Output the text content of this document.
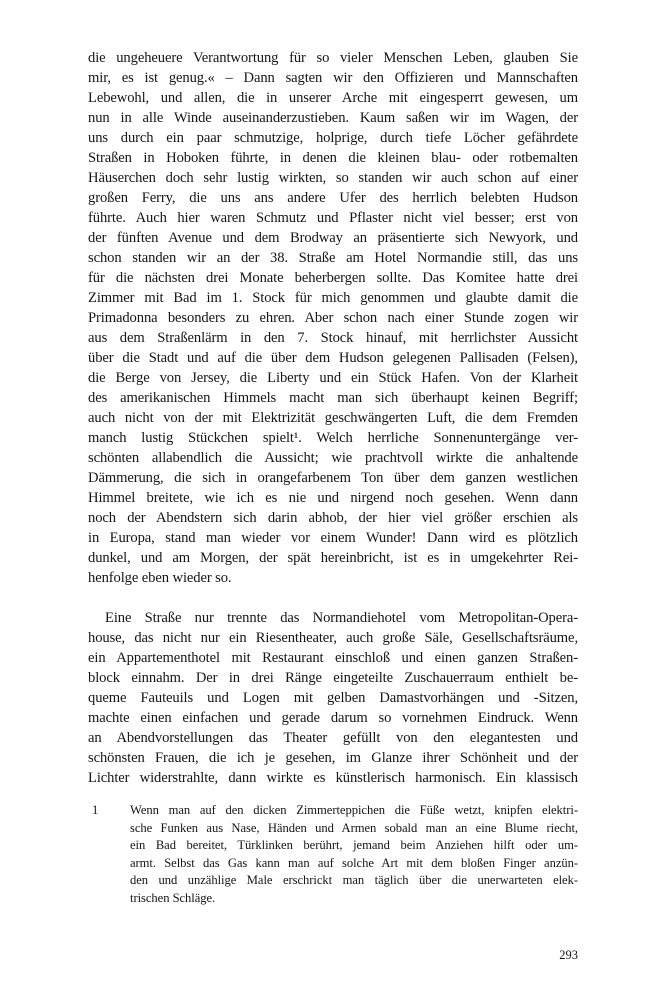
die ungeheuere Verantwortung für so vieler Menschen Leben, glauben Sie
mir, es ist genug.« – Dann sagten wir den Offizieren und Mannschaften
Lebewohl, und allen, die in unserer Arche mit eingesperrt gewesen, um
nun in alle Winde auseinanderzustieben. Kaum saßen wir im Wagen, der
uns durch ein paar schmutzige, holprige, durch tiefe Löcher gefährdete
Straßen in Hoboken führte, in denen die kleinen blau- oder rotbemalten
Häuserchen doch sehr lustig wirkten, so standen wir auch schon auf einer
großen Ferry, die uns ans andere Ufer des herrlich belebten Hudson
führte. Auch hier waren Schmutz und Pflaster nicht viel besser; erst von
der fünften Avenue und dem Brodway an präsentierte sich Newyork, und
schon standen wir an der 38. Straße am Hotel Normandie still, das uns
für die nächsten drei Monate beherbergen sollte. Das Komitee hatte drei
Zimmer mit Bad im 1. Stock für mich genommen und glaubte damit die
Primadonna besonders zu ehren. Aber schon nach einer Stunde zogen wir
aus dem Straßenlärm in den 7. Stock hinauf, mit herrlichster Aussicht
über die Stadt und auf die über dem Hudson gelegenen Pallisaden (Felsen),
die Berge von Jersey, die Liberty und ein Stück Hafen. Von der Klarheit
des amerikanischen Himmels macht man sich überhaupt keinen Begriff;
auch nicht von der mit Elektrizität geschwängerten Luft, die dem Fremden
manch lustig Stückchen spielt¹. Welch herrliche Sonnenuntergänge ver-
schönten allabendlich die Aussicht; wie prachtvoll wirkte die anhaltende
Dämmerung, die sich in orangefarbenem Ton über dem ganzen westlichen
Himmel breitete, wie ich es nie und nirgend noch gesehen. Wenn dann
noch der Abendstern sich darin abhob, der hier viel größer erschien als
in Europa, stand man wieder vor einem Wunder! Dann wird es plötzlich
dunkel, und am Morgen, der spät hereinbricht, ist es in umgekehrter Rei-
henfolge eben wieder so.
Eine Straße nur trennte das Normandiehotel vom Metropolitan-Opera-
house, das nicht nur ein Riesentheater, auch große Säle, Gesellschaftsräume,
ein Appartementhotel mit Restaurant einschloß und einen ganzen Straßen-
block einnahm. Der in drei Ränge eingeteilte Zuschauerraum enthielt be-
queme Fauteuils und Logen mit gelben Damastvorhängen und -Sitzen,
machte einen einfachen und gerade darum so vornehmen Eindruck. Wenn
an Abendvorstellungen das Theater gefüllt von den elegantesten und
schönsten Frauen, die ich je gesehen, im Glanze ihrer Schönheit und der
Lichter widerstrahlte, dann wirkte es künstlerisch harmonisch. Ein klassisch
1	Wenn man auf den dicken Zimmerteppichen die Füße wetzt, knipfen elektri-
sche Funken aus Nase, Händen und Armen sobald man an eine Blume riecht,
ein Bad bereitet, Türklinken berührt, jemand beim Anziehen hilft oder um-
armt. Selbst das Gas kann man auf solche Art mit dem bloßen Finger anzün-
den und unzählige Male erschrickt man täglich über die unerwarteten elek-
trischen Schläge.
293
